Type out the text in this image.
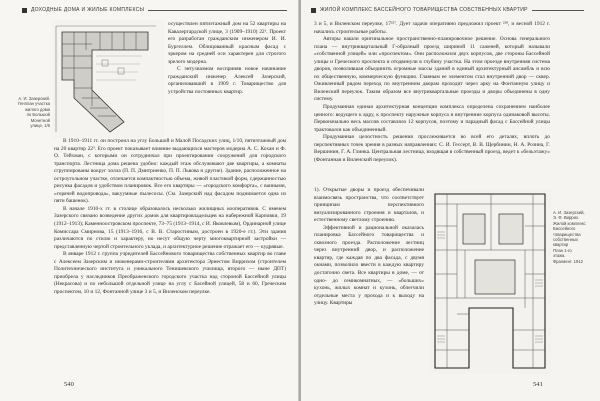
ДОХОДНЫЕ ДОМА И ЖИЛЫЕ КОМПЛЕКСЫ
А. И. Зазерский.
Генплан участка
жилого дома
по Большой
Монетной
улице, 1/6

осуществлен пятиэтажный дом на 52 квартиры на Кавалергардской улице, 3 (1909–1910) 22¹. Проект его разработан гражданским инженером И. И. Бургеллем. Облицованный красным фасад с эркером на средней оси характерен для строгого зрелого модерна.

С энтузиазмом восприняв новое начинание гражданский инженер Алексей Зазерский, организовавший в 1909 г. Товарищество для устройства постоянных квартир.

В 1910–1911 гг. он построил на углу Большой и Малой Посадских улиц, 1/10, пятиэтажный дом на 20 квартир 22³. Его проект показывает влияние выдающихся мастеров модерна А. С. Кохан и Ф. О. Тейхман, с которыми он сотрудничал при проектировании сооружений для городского транспорта. Лестница дома решена удобно: каждый этаж обслуживают две квартиры, а комнаты сгруппированы вокруг холла (П. П. Дмитриенко, П. П. Львова и другие). Здание, расположенное на остроугольном участке, отличается компактностью объема, живой пластикой форм, сдержанностью рисунка фасадов и удобством планировок. Все его квартиры — «городского комфорта», с ванными, «горячей водопровода», вакуумные пылесосы. (См. Зазерский над фасадом поднимается одна из пяти башенок).

В начале 1910-х гг. в столице образовалось несколько жилищных кооперативов. С именем Зазерского связано возведение других домов для квартировладельцев на набережной Карповки, 19 (1912–1913); Каменноостровском проспекте, 73–75 (1913–1914, с И. Яковлевым), Ординарной улице Комиссара Смирнова, 15 (1913–1916, с В. В. Старостиным, достроен в 1920-е гг.). Эти здания различаются по стилю и характеру, но несут общую черту многоквартирной застройки — представленную чертой строительного уклада, и архитектурное решение отражает его — кудрявые.

В январе 1912 г. группа учредителей Бассейнового товарищества собственных квартир во главе с Алексеем Зазерским и инженерами-строителями архитектора Эрнестом Виррихом (строителем Политехнического института и уникального Тенишевского училища, второго — ныне ДПТ) приобрела у наследников Преображенского городского участка над стороной Бассейной улицы (Некрасова) и по небольшой отдельной улице на углу с Басейной улицей, 58 и 60, Греческим проспектом, 10 и 12, Фонтанной улице 3 и 5, и Виленском переулке.

540
ЖИЛОЙ КОМПЛЕКС БАССЕЙНОГО ТОВАРИЩЕСТВА СОБСТВЕННЫХ КВАРТИР

3 и 5, и Виленском переулке, 17²²⁷. Дует задачи оперативно предложил проект ²²⁸, и весной 1912 г. начались строительные работы.

Авторы нашли оригинальное пространственно-планировочное решение. Основа генерального плана — внутриквартальный Г-образный проезд шириной 11 саженей, который называли «собственной улицей» или «проспектом». Они расположили двух корпусов, две стороны Бассейной улицы и Греческого проспекта и отодвинули в глубину участка. На этом проезде внутренняя система дворов, позволившая объединить огромные массы зданий в единый архитектурный ансамбль и всю их общественную, коммерческую функцию. Главным ее элементом стал внутренний двор — сквер. Оживленный рядом переход по внутренним дворам проходит через арку на Фонтанную улицу и Виленский переулок. Таким образом все внутриквартальные проезды и дворы объединены в одну систему.

Продуманная единая архитектурная концепция комплекса определена сохранением наиболее ценного: ведущего к ядру, к проспекту наружные корпуса и внутренние корпуса одинаковой высоты. Первоначально весь массив составляло 12 корпусов, поэтому и парадный фасад с Бассейной улицы трактовался как объединенный.

Продуманная целостность решения прослеживается во всей его деталях, вплоть до перспективных точек зрения в разных направлениях: С. И. Гессерт, В. В. Щербинин, Н. А. Розина, Г. Вершинин, Г. А. Глинка. Центральная лестница, входящая в собственный проезд, ведет к «бельэтажу» (Фонтанная и Виленский переулок).

1). Открытые дворы и проезд обеспечивали взаимосвязь пространства, что соответствует принципам перспективного визуализированного строения и кварталов, и естественному светлому строению.

Эффективной и рациональной оказалась планировка Бассейного товарищества и сквозного проезда. Расположение лестниц через внутренний двор, и расположение квартир, где каждая по два фасада, с двумя окнами, позволило ввести в каждую квартиру достаточно света. Все квартиры в доме, — от одно- до семикомнатных, — «больших» кухонь, жилых комнат и кухонь, облегчили отдельные места у прохода и к выходу на улицу. Квартиры

А. И. Зазерский,
Э. Ф. Виррих.
Жилой комплекс
Бассейного
товарищества
собственных
квартир
План 1-го
этажа.
Фрагмент. 1912
541
